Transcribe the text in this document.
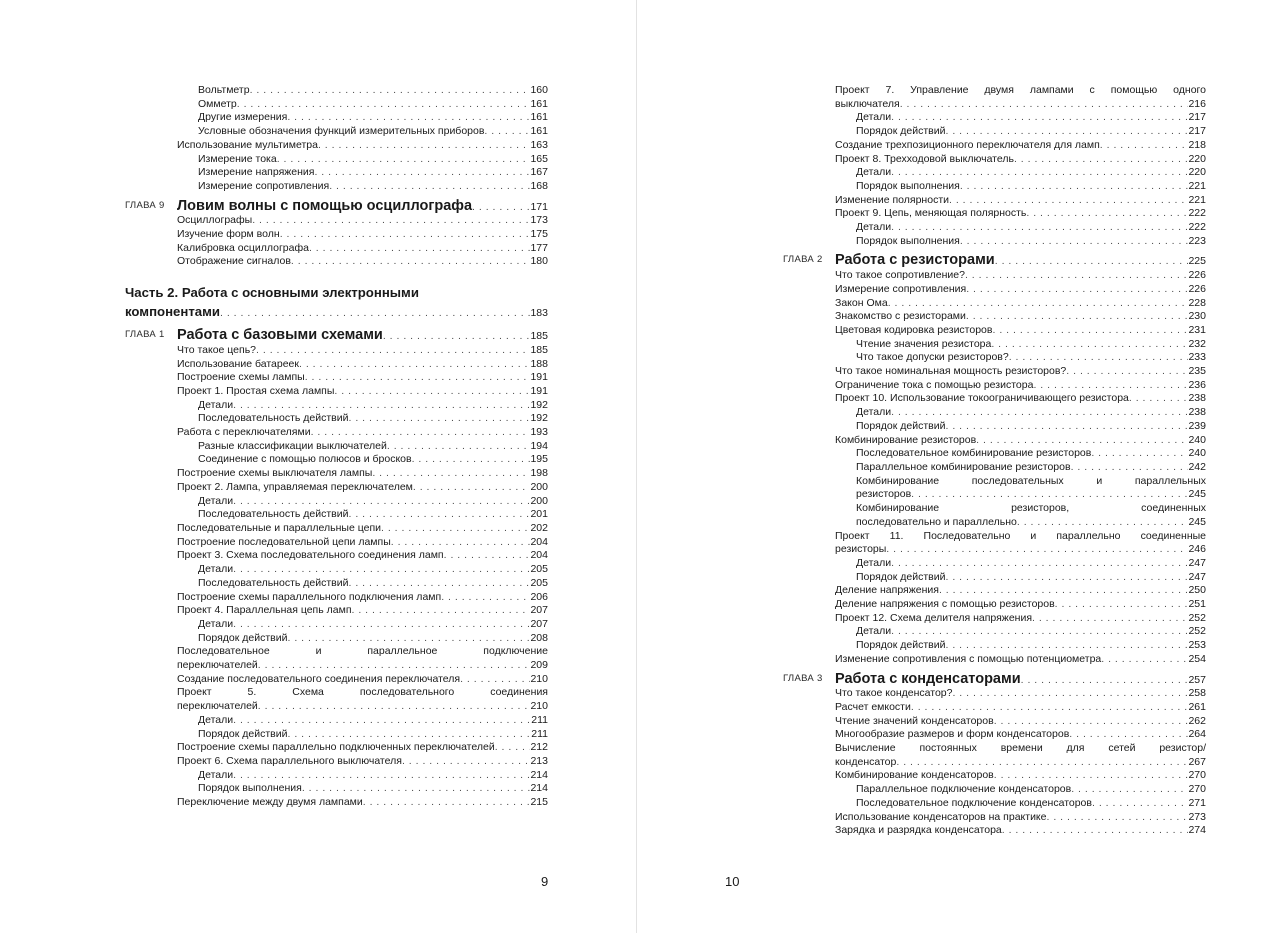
Вольтметр . . .	160
Омметр . . .	161
Другие измерения . . .	161
Условные обозначения функций измерительных приборов . . .	161
Использование мультиметра . . .	163
Измерение тока . . .	165
Измерение напряжения . . .	167
Измерение сопротивления . . .	168
ГЛАВА 9 Ловим волны с помощью осциллографа . . .	171
Осциллографы . . .	173
Изучение форм волн . . .	175
Калибровка осциллографа . . .	177
Отображение сигналов . . .	180
Часть 2. Работа с основными электронными
компонентами . . .	183
ГЛАВА 1 Работа с базовыми схемами . . .	185
Что такое цепь? . . .	185
Использование батареек . . .	188
Построение схемы лампы . . .	191
Проект 1. Простая схема лампы . . .	191
Детали . . .	192
Последовательность действий . . .	192
Работа с переключателями . . .	193
Разные классификации выключателей . . .	194
Соединение с помощью полюсов и бросков . . .	195
Построение схемы выключателя лампы . . .	198
Проект 2. Лампа, управляемая переключателем . . .	200
Детали . . .	200
Последовательность действий . . .	201
Последовательные и параллельные цепи . . .	202
Построение последовательной цепи лампы . . .	204
Проект 3. Схема последовательного соединения ламп . . .	204
Детали . . .	205
Последовательность действий . . .	205
Построение схемы параллельного подключения ламп . . .	206
Проект 4. Параллельная цепь ламп . . .	207
Детали . . .	207
Порядок действий . . .	208
Последовательное и параллельное подключение
переключателей . . .	209
Создание последовательного соединения переключателя . . .	210
Проект 5. Схема последовательного соединения
переключателей . . .	210
Детали . . .	211
Порядок действий . . .	211
Построение схемы параллельно подключенных переключателей . . .	212
Проект 6. Схема параллельного выключателя . . .	213
Детали . . .	214
Порядок выполнения . . .	214
Переключение между двумя лампами . . .	215
9
Проект 7. Управление двумя лампами с помощью одного
выключателя . . .	216
Детали . . .	217
Порядок действий . . .	217
Создание трехпозиционного переключателя для ламп . . .	218
Проект 8. Трехходовой выключатель . . .	220
Детали . . .	220
Порядок выполнения . . .	221
Изменение полярности . . .	221
Проект 9. Цепь, меняющая полярность . . .	222
Детали . . .	222
Порядок выполнения . . .	223
ГЛАВА 2 Работа с резисторами . . .	225
Что такое сопротивление? . . .	226
Измерение сопротивления . . .	226
Закон Ома . . .	228
Знакомство с резисторами . . .	230
Цветовая кодировка резисторов . . .	231
Чтение значения резистора . . .	232
Что такое допуски резисторов? . . .	233
Что такое номинальная мощность резисторов? . . .	235
Ограничение тока с помощью резистора . . .	236
Проект 10. Использование токоограничивающего резистора . . .	238
Детали . . .	238
Порядок действий . . .	239
Комбинирование резисторов . . .	240
Последовательное комбинирование резисторов . . .	240
Параллельное комбинирование резисторов . . .	242
Комбинирование последовательных и параллельных
резисторов . . .	245
Комбинирование резисторов, соединенных
последовательно и параллельно . . .	245
Проект 11. Последовательно и параллельно соединенные
резисторы . . .	246
Детали . . .	247
Порядок действий . . .	247
Деление напряжения . . .	250
Деление напряжения с помощью резисторов . . .	251
Проект 12. Схема делителя напряжения . . .	252
Детали . . .	252
Порядок действий . . .	253
Изменение сопротивления с помощью потенциометра . . .	254
ГЛАВА 3 Работа с конденсаторами . . .	257
Что такое конденсатор? . . .	258
Расчет емкости . . .	261
Чтение значений конденсаторов . . .	262
Многообразие размеров и форм конденсаторов . . .	264
Вычисление постоянных времени для сетей резистор/
конденсатор . . .	267
Комбинирование конденсаторов . . .	270
Параллельное подключение конденсаторов . . .	270
Последовательное подключение конденсаторов . . .	271
Использование конденсаторов на практике . . .	273
Зарядка и разрядка конденсатора . . .	274
10
